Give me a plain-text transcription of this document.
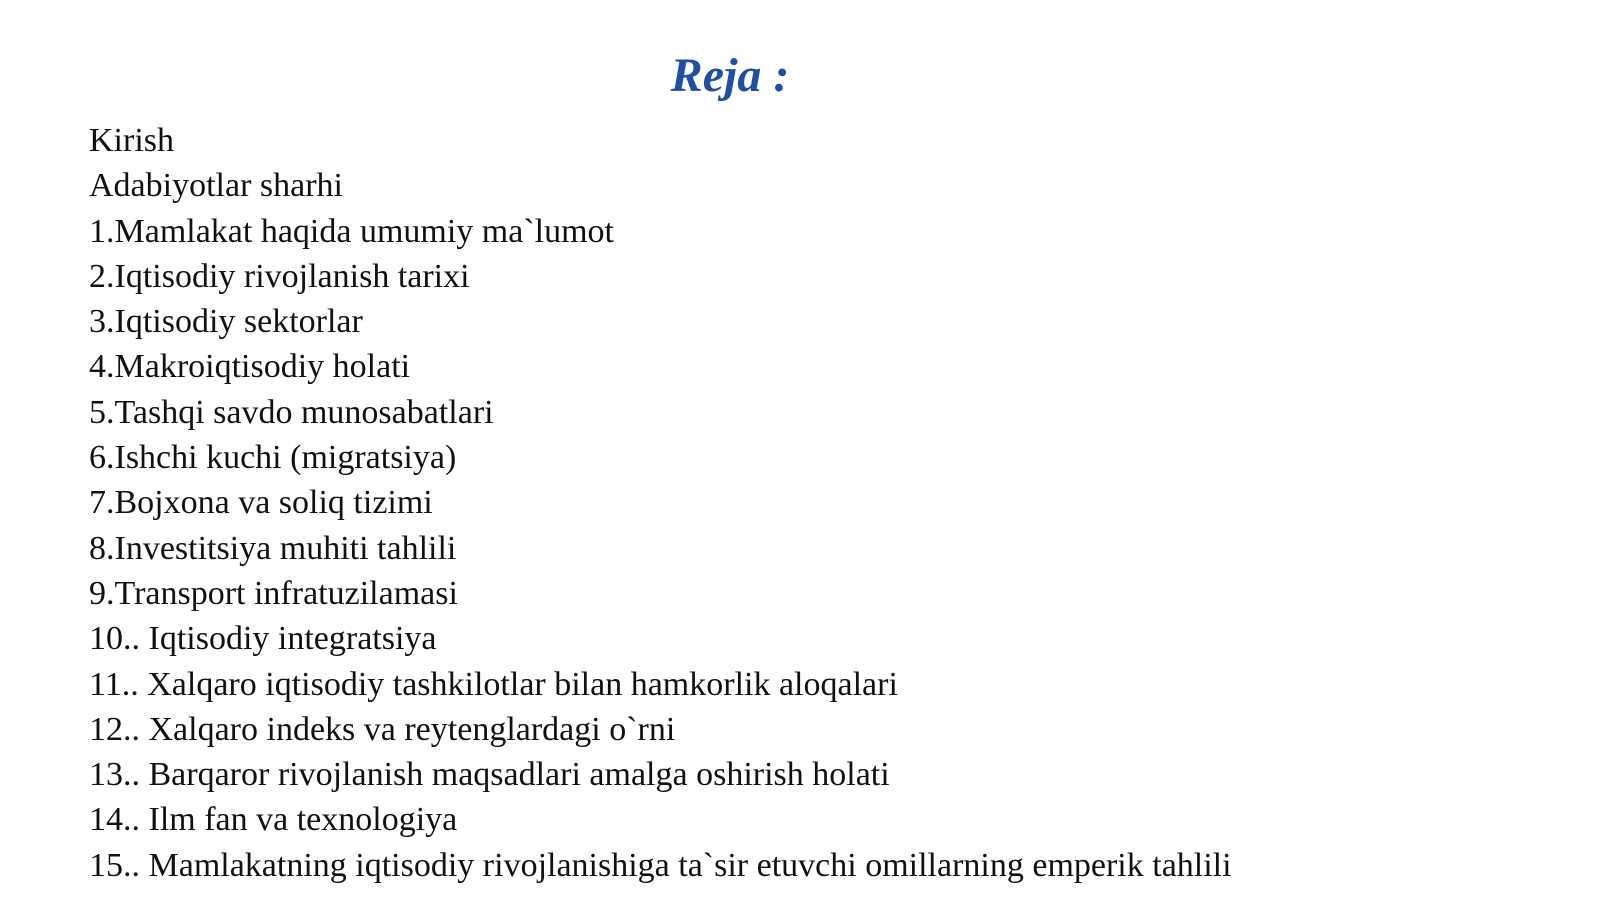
Reja :
Kirish
Adabiyotlar sharhi
1.Mamlakat haqida umumiy ma`lumot
2.Iqtisodiy rivojlanish tarixi
3.Iqtisodiy sektorlar
4.Makroiqtisodiy holati
5.Tashqi savdo munosabatlari
6.Ishchi kuchi (migratsiya)
7.Bojxona va soliq tizimi
8.Investitsiya muhiti tahlili
9.Transport infratuzilamasi
10.. Iqtisodiy integratsiya
11.. Xalqaro iqtisodiy tashkilotlar bilan hamkorlik aloqalari
12.. Xalqaro indeks va reytenglardagi o`rni
13.. Barqaror rivojlanish maqsadlari amalga oshirish holati
14.. Ilm fan va texnologiya
15.. Mamlakatning iqtisodiy rivojlanishiga ta`sir etuvchi omillarning emperik tahlili
